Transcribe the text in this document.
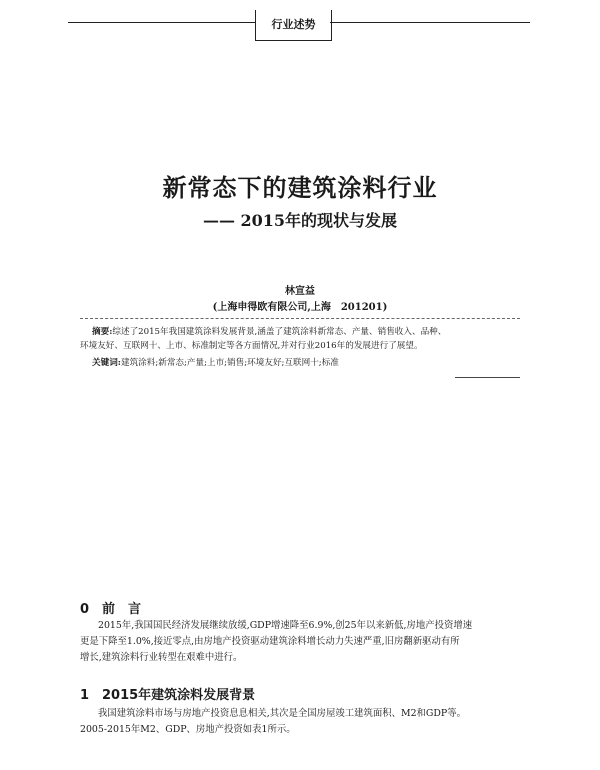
行业述势
新常态下的建筑涂料行业
—— 2015年的现状与发展
林宣益
(上海申得欧有限公司,上海　201201)
摘要:综述了2015年我国建筑涂料发展背景,涵盖了建筑涂料新常态、产量、销售收入、品种、
环境友好、互联网十、上市、标准制定等各方面情况,并对行业2016年的发展进行了展望。
关键词:建筑涂料;新常态;产量;上市;销售;环境友好;互联网十;标准
0 前　言
2015年,我国国民经济发展继续放缓,GDP增速降至6.9%,创25年以来新低,房地产投资增速
更是下降至1.0%,接近零点,由房地产投资驱动建筑涂料增长动力失速严重,旧房翻新驱动有所
增长,建筑涂料行业转型在艰难中进行。
1 2015年建筑涂料发展背景
我国建筑涂料市场与房地产投资息息相关,其次是全国房屋竣工建筑面积、M2和GDP等。
2005-2015年M2、GDP、房地产投资如表1所示。
